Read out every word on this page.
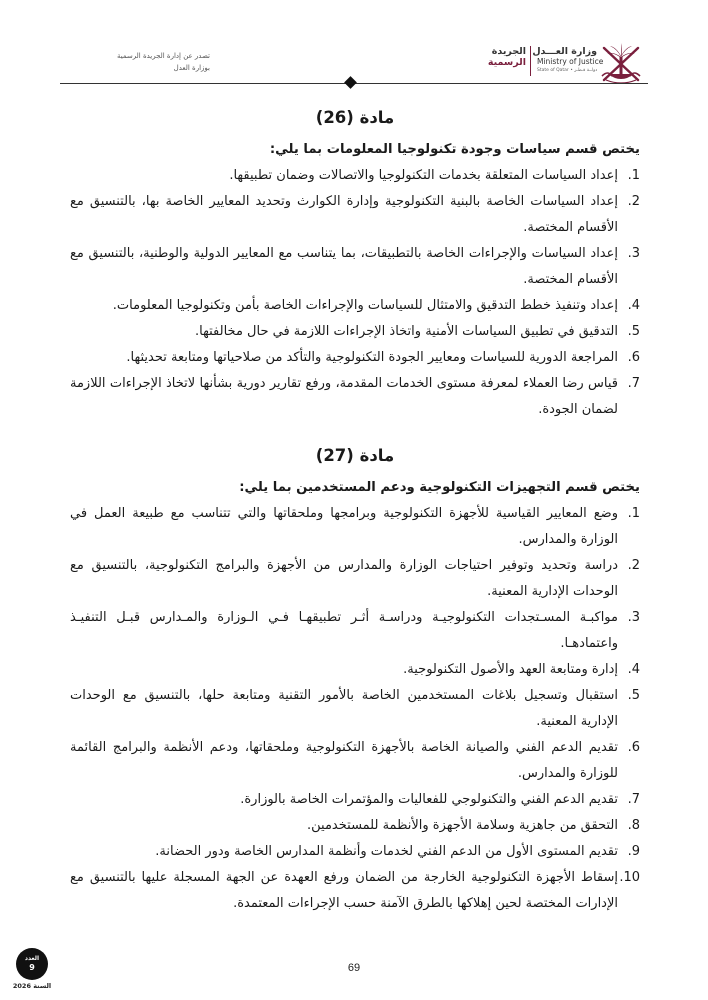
وزارة العـــدل
Ministry of Justice
State of Qatar • دولــة قـطـر
الجريدة
الرسمية
تصدر عن إدارة الجريدة الرسمية
بوزارة العدل
مادة (26)
يختص قسم سياسات وجودة تكنولوجيا المعلومات بما يلي:
1.
إعداد السياسات المتعلقة بخدمات التكنولوجيا والاتصالات وضمان تطبيقها.
2.
إعداد السياسات الخاصة بالبنية التكنولوجية وإدارة الكوارث وتحديد المعايير الخاصة بها، بالتنسيق مع الأقسام المختصة.
3.
إعداد السياسات والإجراءات الخاصة بالتطبيقات، بما يتناسب مع المعايير الدولية والوطنية، بالتنسيق مع الأقسام المختصة.
4.
إعداد وتنفيذ خطط التدقيق والامتثال للسياسات والإجراءات الخاصة بأمن وتكنولوجيا المعلومات.
5.
التدقيق في تطبيق السياسات الأمنية واتخاذ الإجراءات اللازمة في حال مخالفتها.
6.
المراجعة الدورية للسياسات ومعايير الجودة التكنولوجية والتأكد من صلاحياتها ومتابعة تحديثها.
7.
قياس رضا العملاء لمعرفة مستوى الخدمات المقدمة، ورفع تقارير دورية بشأنها لاتخاذ الإجراءات اللازمة لضمان الجودة.
مادة (27)
يختص قسم التجهيزات التكنولوجية ودعم المستخدمين بما يلي:
1.
وضع المعايير القياسية للأجهزة التكنولوجية وبرامجها وملحقاتها والتي تتناسب مع طبيعة العمل في الوزارة والمدارس.
2.
دراسة وتحديد وتوفير احتياجات الوزارة والمدارس من الأجهزة والبرامج التكنولوجية، بالتنسيق مع الوحدات الإدارية المعنية.
3.
مواكبـة المسـتجدات التكنولوجيـة ودراسـة أثـر تطبيقهـا فـي الـوزارة والمـدارس قبـل التنفيـذ واعتمادهـا.
4.
إدارة ومتابعة العهد والأصول التكنولوجية.
5.
استقبال وتسجيل بلاغات المستخدمين الخاصة بالأمور التقنية ومتابعة حلها، بالتنسيق مع الوحدات الإدارية المعنية.
6.
تقديم الدعم الفني والصيانة الخاصة بالأجهزة التكنولوجية وملحقاتها، ودعم الأنظمة والبرامج القائمة للوزارة والمدارس.
7.
تقديم الدعم الفني والتكنولوجي للفعاليات والمؤتمرات الخاصة بالوزارة.
8.
التحقق من جاهزية وسلامة الأجهزة والأنظمة للمستخدمين.
9.
تقديم المستوى الأول من الدعم الفني لخدمات وأنظمة المدارس الخاصة ودور الحضانة.
10.
إسقاط الأجهزة التكنولوجية الخارجة من الضمان ورفع العهدة عن الجهة المسجلة عليها بالتنسيق مع الإدارات المختصة لحين إهلاكها بالطرق الآمنة حسب الإجراءات المعتمدة.
69
العدد
9
السنة 2026
